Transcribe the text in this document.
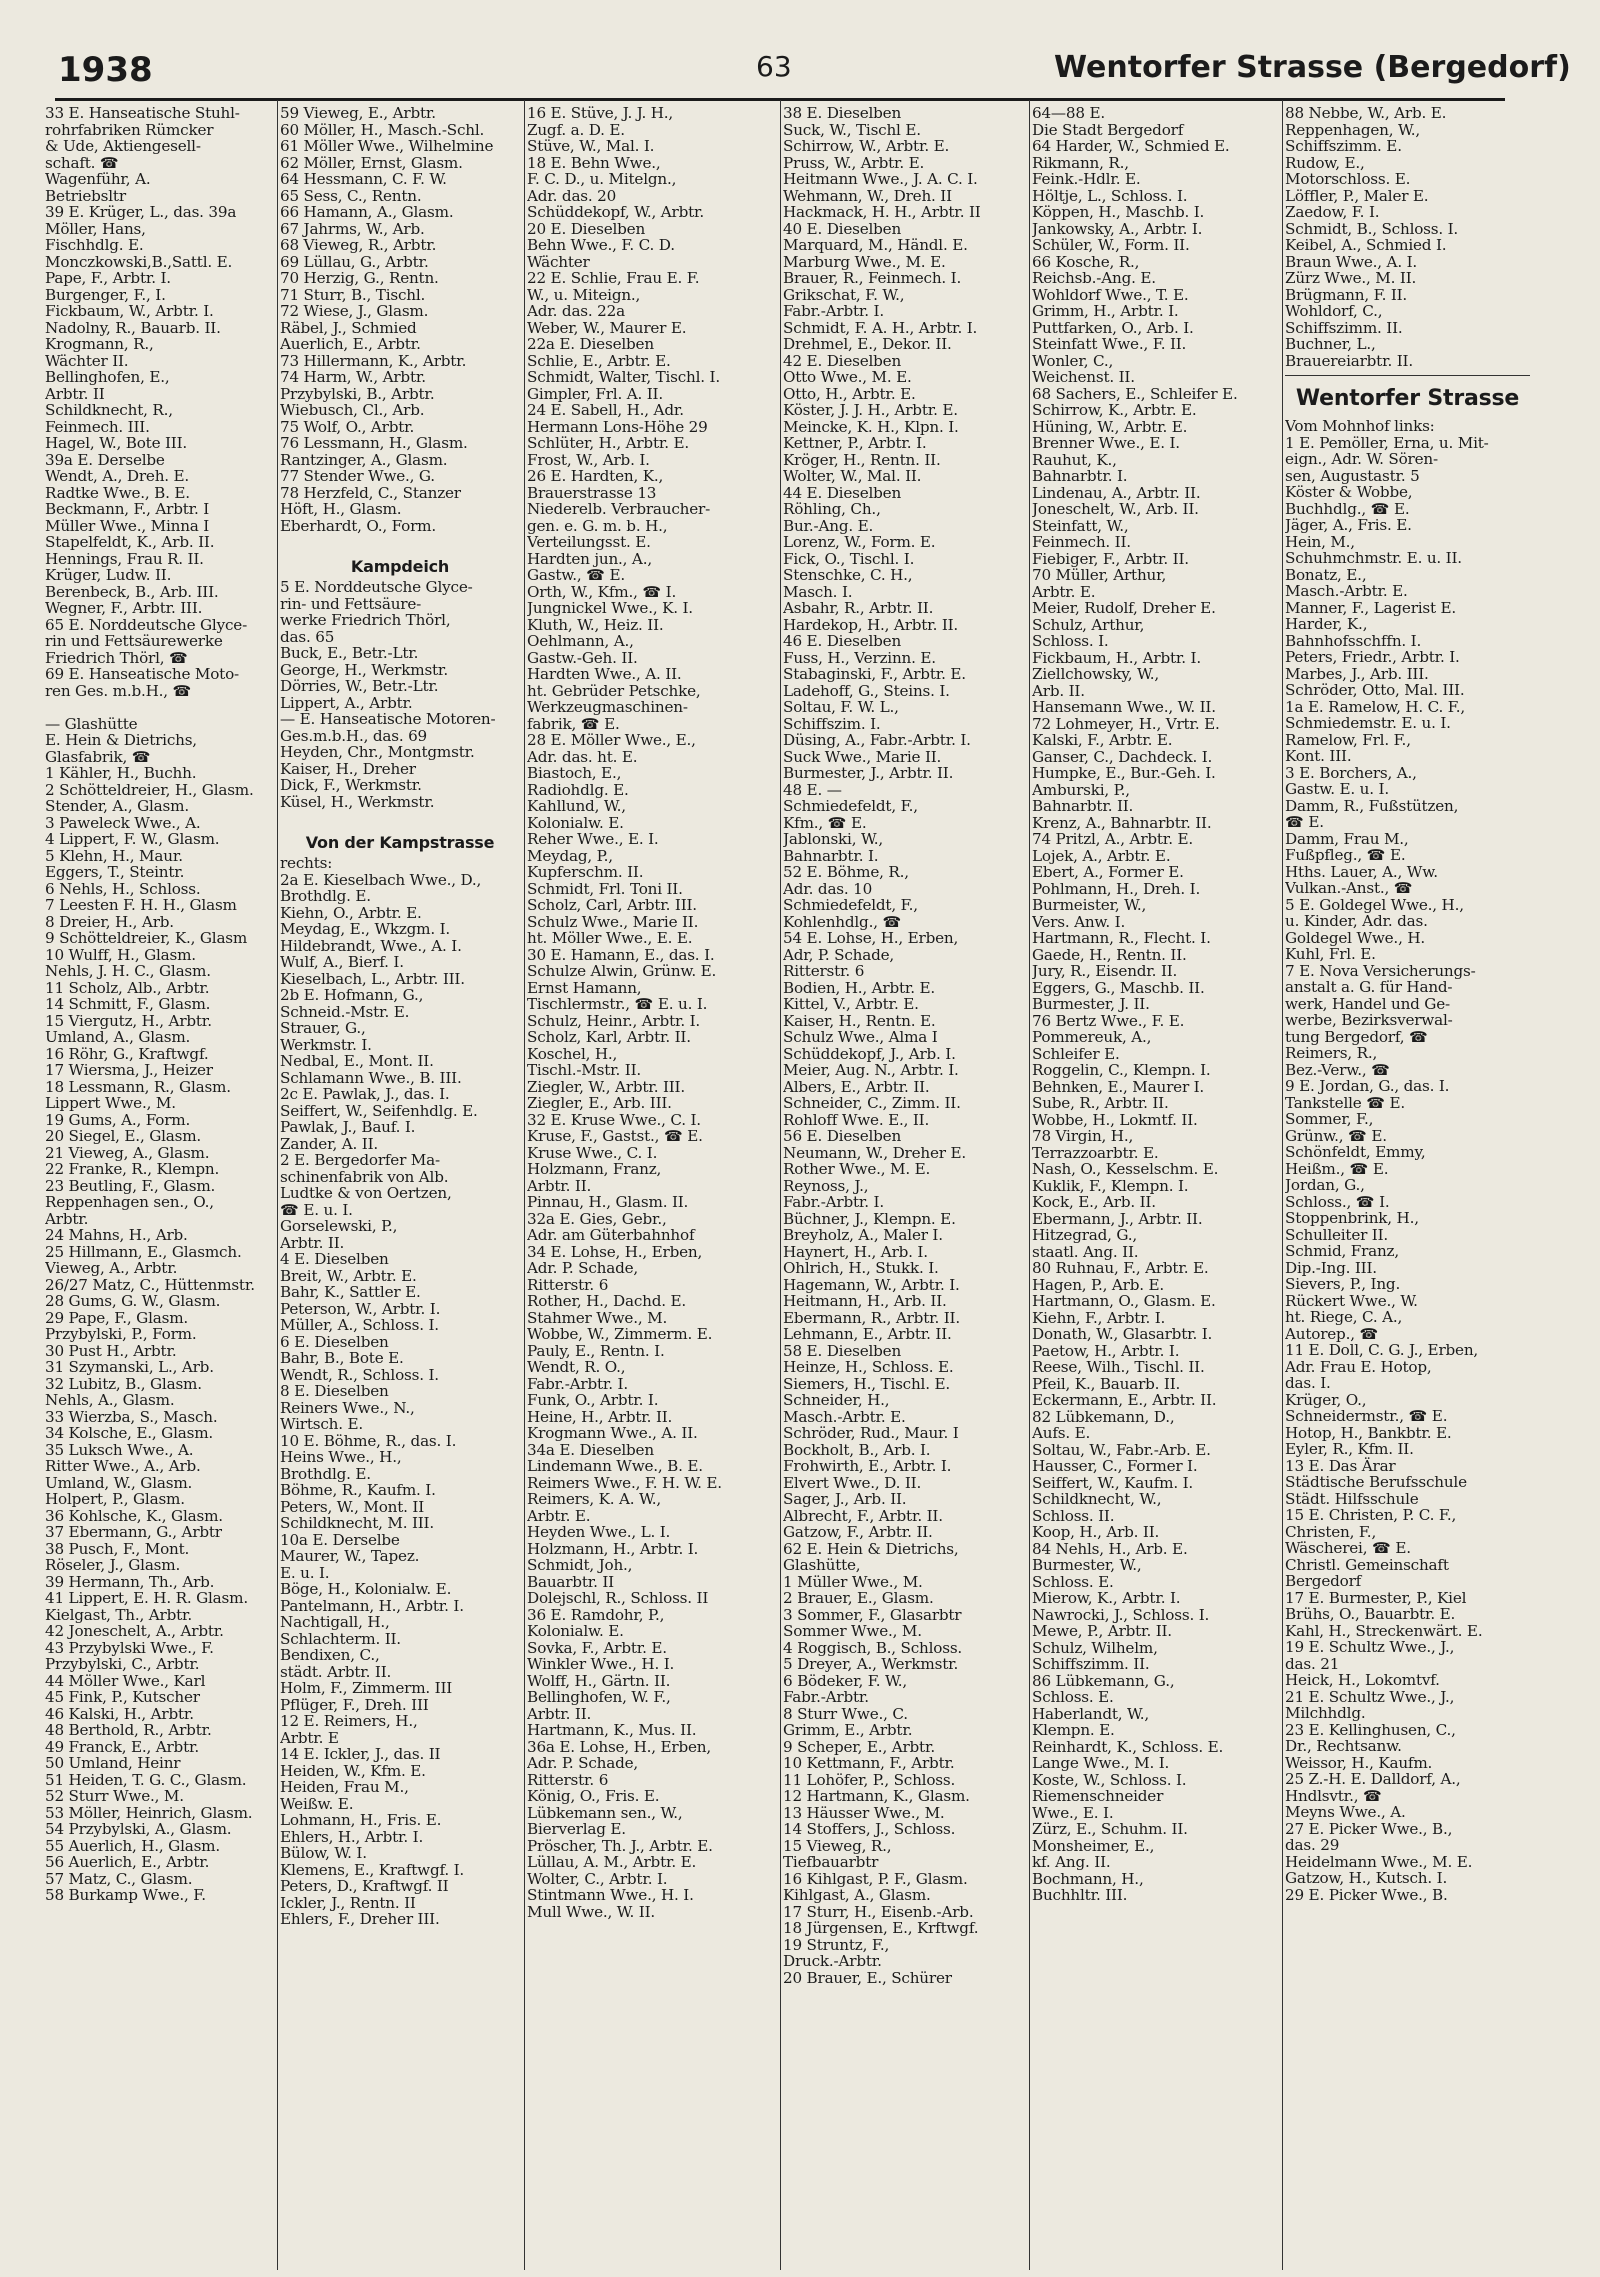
1938	63	Wentorfer Strasse (Bergedorf)
33 E. Hanseatische Stuhl-
rohrfabriken Rümcker
& Ude, Aktiengesell-
schaft. ☎
Wagenführ, A.
Betriebsltr
39 E. Krüger, L., das. 39a
Möller, Hans,
Fischhdlg. E.
Monczkowski,B.,Sattl. E.
Pape, F., Arbtr. I.
Burgenger, F., I.
Fickbaum, W., Arbtr. I.
Nadolny, R., Bauarb. II.
Krogmann, R.,
Wächter II.
Bellinghofen, E.,
Arbtr. II
Schildknecht, R.,
Feinmech. III.
Hagel, W., Bote III.
39a E. Derselbe
Wendt, A., Dreh. E.
Radtke Wwe., B. E.
Beckmann, F., Arbtr. I
Müller Wwe., Minna I
Stapelfeldt, K., Arb. II.
Hennings, Frau R. II.
Krüger, Ludw. II.
Berenbeck, B., Arb. III.
Wegner, F., Arbtr. III.
65 E. Norddeutsche Glyce-
rin und Fettsäurewerke
Friedrich Thörl, ☎
69 E. Hanseatische Moto-
ren Ges. m.b.H., ☎

— Glashütte
E. Hein & Dietrichs,
Glasfabrik, ☎
1 Kähler, H., Buchh.
2 Schötteldreier, H., Glasm.
Stender, A., Glasm.
3 Paweleck Wwe., A.
4 Lippert, F. W., Glasm.
5 Klehn, H., Maur.
Eggers, T., Steintr.
6 Nehls, H., Schloss.
7 Leesten F. H. H., Glasm
8 Dreier, H., Arb.
9 Schötteldreier, K., Glasm
10 Wulff, H., Glasm.
Nehls, J. H. C., Glasm.
11 Scholz, Alb., Arbtr.
14 Schmitt, F., Glasm.
15 Viergutz, H., Arbtr.
Umland, A., Glasm.
16 Röhr, G., Kraftwgf.
17 Wiersma, J., Heizer
18 Lessmann, R., Glasm.
Lippert Wwe., M.
19 Gums, A., Form.
20 Siegel, E., Glasm.
21 Vieweg, A., Glasm.
22 Franke, R., Klempn.
23 Beutling, F., Glasm.
Reppenhagen sen., O.,
Arbtr.
24 Mahns, H., Arb.
25 Hillmann, E., Glasmch.
Vieweg, A., Arbtr.
26/27 Matz, C., Hüttenmstr.
28 Gums, G. W., Glasm.
29 Pape, F., Glasm.
Przybylski, P., Form.
30 Pust H., Arbtr.
31 Szymanski, L., Arb.
32 Lubitz, B., Glasm.
Nehls, A., Glasm.
33 Wierzba, S., Masch.
34 Kolsche, E., Glasm.
35 Luksch Wwe., A.
Ritter Wwe., A., Arb.
Umland, W., Glasm.
Holpert, P., Glasm.
36 Kohlsche, K., Glasm.
37 Ebermann, G., Arbtr
38 Pusch, F., Mont.
Röseler, J., Glasm.
39 Hermann, Th., Arb.
41 Lippert, E. H. R. Glasm.
Kielgast, Th., Arbtr.
42 Joneschelt, A., Arbtr.
43 Przybylski Wwe., F.
Przybylski, C., Arbtr.
44 Möller Wwe., Karl
45 Fink, P., Kutscher
46 Kalski, H., Arbtr.
48 Berthold, R., Arbtr.
49 Franck, E., Arbtr.
50 Umland, Heinr
51 Heiden, T. G. C., Glasm.
52 Sturr Wwe., M.
53 Möller, Heinrich, Glasm.
54 Przybylski, A., Glasm.
55 Auerlich, H., Glasm.
56 Auerlich, E., Arbtr.
57 Matz, C., Glasm.
58 Burkamp Wwe., F.
59 Vieweg, E., Arbtr.
60 Möller, H., Masch.-Schl.
61 Möller Wwe., Wilhelmine
62 Möller, Ernst, Glasm.
64 Hessmann, C. F. W.
65 Sess, C., Rentn.
66 Hamann, A., Glasm.
67 Jahrms, W., Arb.
68 Vieweg, R., Arbtr.
69 Lüllau, G., Arbtr.
70 Herzig, G., Rentn.
71 Sturr, B., Tischl.
72 Wiese, J., Glasm.
Räbel, J., Schmied
Auerlich, E., Arbtr.
73 Hillermann, K., Arbtr.
74 Harm, W., Arbtr.
Przybylski, B., Arbtr.
Wiebusch, Cl., Arb.
75 Wolf, O., Arbtr.
76 Lessmann, H., Glasm.
Rantzinger, A., Glasm.
77 Stender Wwe., G.
78 Herzfeld, C., Stanzer
Höft, H., Glasm.
Eberhardt, O., Form.

Kampdeich
5 E. Norddeutsche Glyce-
rin- und Fettsäure-
werke Friedrich Thörl,
das. 65
Buck, E., Betr.-Ltr.
George, H., Werkmstr.
Dörries, W., Betr.-Ltr.
Lippert, A., Arbtr.
— E. Hanseatische Motoren-
Ges.m.b.H., das. 69
Heyden, Chr., Montgmstr.
Kaiser, H., Dreher
Dick, F., Werkmstr.
Küsel, H., Werkmstr.

Von der Kampstrasse
rechts:
2a E. Kieselbach Wwe., D.,
Brothdlg. E.
Kiehn, O., Arbtr. E.
Meydag, E., Wkzgm. I.
Hildebrandt, Wwe., A. I.
Wulf, A., Bierf. I.
Kieselbach, L., Arbtr. III.
2b E. Hofmann, G.,
Schneid.-Mstr. E.
Strauer, G.,
Werkmstr. I.
Nedbal, E., Mont. II.
Schlamann Wwe., B. III.
2c E. Pawlak, J., das. I.
Seiffert, W., Seifenhdlg. E.
Pawlak, J., Bauf. I.
Zander, A. II.
2 E. Bergedorfer Ma-
schinenfabrik von Alb.
Ludtke & von Oertzen,
☎ E. u. I.
Gorselewski, P.,
Arbtr. II.
4 E. Dieselben
Breit, W., Arbtr. E.
Bahr, K., Sattler E.
Peterson, W., Arbtr. I.
Müller, A., Schloss. I.
6 E. Dieselben
Bahr, B., Bote E.
Wendt, R., Schloss. I.
8 E. Dieselben
Reiners Wwe., N.,
Wirtsch. E.
10 E. Böhme, R., das. I.
Heins Wwe., H.,
Brothdlg. E.
Böhme, R., Kaufm. I.
Peters, W., Mont. II
Schildknecht, M. III.
10a E. Derselbe
Maurer, W., Tapez.
E. u. I.
Böge, H., Kolonialw. E.
Pantelmann, H., Arbtr. I.
Nachtigall, H.,
Schlachterm. II.
Bendixen, C.,
städt. Arbtr. II.
Holm, F., Zimmerm. III
Pflüger, F., Dreh. III
12 E. Reimers, H.,
Arbtr. E
14 E. Ickler, J., das. II
Heiden, W., Kfm. E.
Heiden, Frau M.,
Weißw. E.
Lohmann, H., Fris. E.
Ehlers, H., Arbtr. I.
Bülow, W. I.
Klemens, E., Kraftwgf. I.
Peters, D., Kraftwgf. II
Ickler, J., Rentn. II
Ehlers, F., Dreher III.
16 E. Stüve, J. J. H.,
Zugf. a. D. E.
Stüve, W., Mal. I.
18 E. Behn Wwe.,
F. C. D., u. Mitelgn.,
Adr. das. 20
Schüddekopf, W., Arbtr.
20 E. Dieselben
Behn Wwe., F. C. D.
Wächter
22 E. Schlie, Frau E. F.
W., u. Miteign.,
Adr. das. 22a
Weber, W., Maurer E.
22a E. Dieselben
Schlie, E., Arbtr. E.
Schmidt, Walter, Tischl. I.
Gimpler, Frl. A. II.
24 E. Sabell, H., Adr.
Hermann Lons-Höhe 29
Schlüter, H., Arbtr. E.
Frost, W., Arb. I.
26 E. Hardten, K.,
Brauerstrasse 13
Niederelb. Verbraucher-
gen. e. G. m. b. H.,
Verteilungsst. E.
Hardten jun., A.,
Gastw., ☎ E.
Orth, W., Kfm., ☎ I.
Jungnickel Wwe., K. I.
Kluth, W., Heiz. II.
Oehlmann, A.,
Gastw.-Geh. II.
Hardten Wwe., A. II.
ht. Gebrüder Petschke,
Werkzeugmaschinen-
fabrik, ☎ E.
28 E. Möller Wwe., E.,
Adr. das. ht. E.
Biastoch, E.,
Radiohdlg. E.
Kahllund, W.,
Kolonialw. E.
Reher Wwe., E. I.
Meydag, P.,
Kupferschm. II.
Schmidt, Frl. Toni II.
Scholz, Carl, Arbtr. III.
Schulz Wwe., Marie II.
ht. Möller Wwe., E. E.
30 E. Hamann, E., das. I.
Schulze Alwin, Grünw. E.
Ernst Hamann,
Tischlermstr., ☎ E. u. I.
Schulz, Heinr., Arbtr. I.
Scholz, Karl, Arbtr. II.
Koschel, H.,
Tischl.-Mstr. II.
Ziegler, W., Arbtr. III.
Ziegler, E., Arb. III.
32 E. Kruse Wwe., C. I.
Kruse, F., Gastst., ☎ E.
Kruse Wwe., C. I.
Holzmann, Franz,
Arbtr. II.
Pinnau, H., Glasm. II.
32a E. Gies, Gebr.,
Adr. am Güterbahnhof
34 E. Lohse, H., Erben,
Adr. P. Schade,
Ritterstr. 6
Rother, H., Dachd. E.
Stahmer Wwe., M.
Wobbe, W., Zimmerm. E.
Pauly, E., Rentn. I.
Wendt, R. O.,
Fabr.-Arbtr. I.
Funk, O., Arbtr. I.
Heine, H., Arbtr. II.
Krogmann Wwe., A. II.
34a E. Dieselben
Lindemann Wwe., B. E.
Reimers Wwe., F. H. W. E.
Reimers, K. A. W.,
Arbtr. E.
Heyden Wwe., L. I.
Holzmann, H., Arbtr. I.
Schmidt, Joh.,
Bauarbtr. II
Dolejschl, R., Schloss. II
36 E. Ramdohr, P.,
Kolonialw. E.
Sovka, F., Arbtr. E.
Winkler Wwe., H. I.
Wolff, H., Gärtn. II.
Bellinghofen, W. F.,
Arbtr. II.
Hartmann, K., Mus. II.
36a E. Lohse, H., Erben,
Adr. P. Schade,
Ritterstr. 6
König, O., Fris. E.
Lübkemann sen., W.,
Bierverlag E.
Pröscher, Th. J., Arbtr. E.
Lüllau, A. M., Arbtr. E.
Wolter, C., Arbtr. I.
Stintmann Wwe., H. I.
Mull Wwe., W. II.
38 E. Dieselben
Suck, W., Tischl E.
Schirrow, W., Arbtr. E.
Pruss, W., Arbtr. E.
Heitmann Wwe., J. A. C. I.
Wehmann, W., Dreh. II
Hackmack, H. H., Arbtr. II
40 E. Dieselben
Marquard, M., Händl. E.
Marburg Wwe., M. E.
Brauer, R., Feinmech. I.
Grikschat, F. W.,
Fabr.-Arbtr. I.
Schmidt, F. A. H., Arbtr. I.
Drehmel, E., Dekor. II.
42 E. Dieselben
Otto Wwe., M. E.
Otto, H., Arbtr. E.
Köster, J. J. H., Arbtr. E.
Meincke, K. H., Klpn. I.
Kettner, P., Arbtr. I.
Kröger, H., Rentn. II.
Wolter, W., Mal. II.
44 E. Dieselben
Röhling, Ch.,
Bur.-Ang. E.
Lorenz, W., Form. E.
Fick, O., Tischl. I.
Stenschke, C. H.,
Masch. I.
Asbahr, R., Arbtr. II.
Hardekop, H., Arbtr. II.
46 E. Dieselben
Fuss, H., Verzinn. E.
Stabaginski, F., Arbtr. E.
Ladehoff, G., Steins. I.
Soltau, F. W. L.,
Schiffszim. I.
Düsing, A., Fabr.-Arbtr. I.
Suck Wwe., Marie II.
Burmester, J., Arbtr. II.
48 E. —
Schmiedefeldt, F.,
Kfm., ☎ E.
Jablonski, W.,
Bahnarbtr. I.
52 E. Böhme, R.,
Adr. das. 10
Schmiedefeldt, F.,
Kohlenhdlg., ☎
54 E. Lohse, H., Erben,
Adr, P. Schade,
Ritterstr. 6
Bodien, H., Arbtr. E.
Kittel, V., Arbtr. E.
Kaiser, H., Rentn. E.
Schulz Wwe., Alma I
Schüddekopf, J., Arb. I.
Meier, Aug. N., Arbtr. I.
Albers, E., Arbtr. II.
Schneider, C., Zimm. II.
Rohloff Wwe. E., II.
56 E. Dieselben
Neumann, W., Dreher E.
Rother Wwe., M. E.
Reynoss, J.,
Fabr.-Arbtr. I.
Büchner, J., Klempn. E.
Breyholz, A., Maler I.
Haynert, H., Arb. I.
Ohlrich, H., Stukk. I.
Hagemann, W., Arbtr. I.
Heitmann, H., Arb. II.
Ebermann, R., Arbtr. II.
Lehmann, E., Arbtr. II.
58 E. Dieselben
Heinze, H., Schloss. E.
Siemers, H., Tischl. E.
Schneider, H.,
Masch.-Arbtr. E.
Schröder, Rud., Maur. I
Bockholt, B., Arb. I.
Frohwirth, E., Arbtr. I.
Elvert Wwe., D. II.
Sager, J., Arb. II.
Albrecht, F., Arbtr. II.
Gatzow, F., Arbtr. II.
62 E. Hein & Dietrichs,
Glashütte,
1 Müller Wwe., M.
2 Brauer, E., Glasm.
3 Sommer, F., Glasarbtr
Sommer Wwe., M.
4 Roggisch, B., Schloss.
5 Dreyer, A., Werkmstr.
6 Bödeker, F. W.,
Fabr.-Arbtr.
8 Sturr Wwe., C.
Grimm, E., Arbtr.
9 Scheper, E., Arbtr.
10 Kettmann, F., Arbtr.
11 Lohöfer, P., Schloss.
12 Hartmann, K., Glasm.
13 Häusser Wwe., M.
14 Stoffers, J., Schloss.
15 Vieweg, R.,
Tiefbauarbtr
16 Kihlgast, P. F., Glasm.
Kihlgast, A., Glasm.
17 Sturr, H., Eisenb.-Arb.
18 Jürgensen, E., Krftwgf.
19 Struntz, F.,
Druck.-Arbtr.
20 Brauer, E., Schürer
64—88 E.
Die Stadt Bergedorf
64 Harder, W., Schmied E.
Rikmann, R.,
Feink.-Hdlr. E.
Höltje, L., Schloss. I.
Köppen, H., Maschb. I.
Jankowsky, A., Arbtr. I.
Schüler, W., Form. II.
66 Kosche, R.,
Reichsb.-Ang. E.
Wohldorf Wwe., T. E.
Grimm, H., Arbtr. I.
Puttfarken, O., Arb. I.
Steinfatt Wwe., F. II.
Wonler, C.,
Weichenst. II.
68 Sachers, E., Schleifer E.
Schirrow, K., Arbtr. E.
Hüning, W., Arbtr. E.
Brenner Wwe., E. I.
Rauhut, K.,
Bahnarbtr. I.
Lindenau, A., Arbtr. II.
Joneschelt, W., Arb. II.
Steinfatt, W.,
Feinmech. II.
Fiebiger, F., Arbtr. II.
70 Müller, Arthur,
Arbtr. E.
Meier, Rudolf, Dreher E.
Schulz, Arthur,
Schloss. I.
Fickbaum, H., Arbtr. I.
Ziellchowsky, W.,
Arb. II.
Hansemann Wwe., W. II.
72 Lohmeyer, H., Vrtr. E.
Kalski, F., Arbtr. E.
Ganser, C., Dachdeck. I.
Humpke, E., Bur.-Geh. I.
Amburski, P.,
Bahnarbtr. II.
Krenz, A., Bahnarbtr. II.
74 Pritzl, A., Arbtr. E.
Lojek, A., Arbtr. E.
Ebert, A., Former E.
Pohlmann, H., Dreh. I.
Burmeister, W.,
Vers. Anw. I.
Hartmann, R., Flecht. I.
Gaede, H., Rentn. II.
Jury, R., Eisendr. II.
Eggers, G., Maschb. II.
Burmester, J. II.
76 Bertz Wwe., F. E.
Pommereuk, A.,
Schleifer E.
Roggelin, C., Klempn. I.
Behnken, E., Maurer I.
Sube, R., Arbtr. II.
Wobbe, H., Lokmtf. II.
78 Virgin, H.,
Terrazzoarbtr. E.
Nash, O., Kesselschm. E.
Kuklik, F., Klempn. I.
Kock, E., Arb. II.
Ebermann, J., Arbtr. II.
Hitzegrad, G.,
staatl. Ang. II.
80 Ruhnau, F., Arbtr. E.
Hagen, P., Arb. E.
Hartmann, O., Glasm. E.
Kiehn, F., Arbtr. I.
Donath, W., Glasarbtr. I.
Paetow, H., Arbtr. I.
Reese, Wilh., Tischl. II.
Pfeil, K., Bauarb. II.
Eckermann, E., Arbtr. II.
82 Lübkemann, D.,
Aufs. E.
Soltau, W., Fabr.-Arb. E.
Hausser, C., Former I.
Seiffert, W., Kaufm. I.
Schildknecht, W.,
Schloss. II.
Koop, H., Arb. II.
84 Nehls, H., Arb. E.
Burmester, W.,
Schloss. E.
Mierow, K., Arbtr. I.
Nawrocki, J., Schloss. I.
Mewe, P., Arbtr. II.
Schulz, Wilhelm,
Schiffszimm. II.
86 Lübkemann, G.,
Schloss. E.
Haberlandt, W.,
Klempn. E.
Reinhardt, K., Schloss. E.
Lange Wwe., M. I.
Koste, W., Schloss. I.
Riemenschneider
Wwe., E. I.
Zürz, E., Schuhm. II.
Monsheimer, E.,
kf. Ang. II.
Bochmann, H.,
Buchhltr. III.
88 Nebbe, W., Arb. E.
Reppenhagen, W.,
Schiffszimm. E.
Rudow, E.,
Motorschloss. E.
Löffler, P., Maler E.
Zaedow, F. I.
Schmidt, B., Schloss. I.
Keibel, A., Schmied I.
Braun Wwe., A. I.
Zürz Wwe., M. II.
Brügmann, F. II.
Wohldorf, C.,
Schiffszimm. II.
Buchner, L.,
Brauereiarbtr. II.
Wentorfer Strasse
Vom Mohnhof links:
1 E. Pemöller, Erna, u. Mit-
eign., Adr. W. Sören-
sen, Augustastr. 5
Köster & Wobbe,
Buchhdlg., ☎ E.
Jäger, A., Fris. E.
Hein, M.,
Schuhmchmstr. E. u. II.
Bonatz, E.,
Masch.-Arbtr. E.
Manner, F., Lagerist E.
Harder, K.,
Bahnhofsschffn. I.
Peters, Friedr., Arbtr. I.
Marbes, J., Arb. III.
Schröder, Otto, Mal. III.
1a E. Ramelow, H. C. F.,
Schmiedemstr. E. u. I.
Ramelow, Frl. F.,
Kont. III.
3 E. Borchers, A.,
Gastw. E. u. I.
Damm, R., Fußstützen,
☎ E.
Damm, Frau M.,
Fußpfleg., ☎ E.
Hths. Lauer, A., Ww.
Vulkan.-Anst., ☎
5 E. Goldegel Wwe., H.,
u. Kinder, Adr. das.
Goldegel Wwe., H.
Kuhl, Frl. E.
7 E. Nova Versicherungs-
anstalt a. G. für Hand-
werk, Handel und Ge-
werbe, Bezirksverwal-
tung Bergedorf, ☎
Reimers, R.,
Bez.-Verw., ☎
9 E. Jordan, G., das. I.
Tankstelle ☎ E.
Sommer, F.,
Grünw., ☎ E.
Schönfeldt, Emmy,
Heißm., ☎ E.
Jordan, G.,
Schloss., ☎ I.
Stoppenbrink, H.,
Schulleiter II.
Schmid, Franz,
Dip.-Ing. III.
Sievers, P., Ing.
Rückert Wwe., W.
ht. Riege, C. A.,
Autorep., ☎
11 E. Doll, C. G. J., Erben,
Adr. Frau E. Hotop,
das. I.
Krüger, O.,
Schneidermstr., ☎ E.
Hotop, H., Bankbtr. E.
Eyler, R., Kfm. II.
13 E. Das Ärar
Städtische Berufsschule
Städt. Hilfsschule
15 E. Christen, P. C. F.,
Christen, F.,
Wäscherei, ☎ E.
Christl. Gemeinschaft
Bergedorf
17 E. Burmester, P., Kiel
Brühs, O., Bauarbtr. E.
Kahl, H., Streckenwärt. E.
19 E. Schultz Wwe., J.,
das. 21
Heick, H., Lokomtvf.
21 E. Schultz Wwe., J.,
Milchhdlg.
23 E. Kellinghusen, C.,
Dr., Rechtsanw.
Weissor, H., Kaufm.
25 Z.-H. E. Dalldorf, A.,
Hndlsvtr., ☎
Meyns Wwe., A.
27 E. Picker Wwe., B.,
das. 29
Heidelmann Wwe., M. E.
Gatzow, H., Kutsch. I.
29 E. Picker Wwe., B.
